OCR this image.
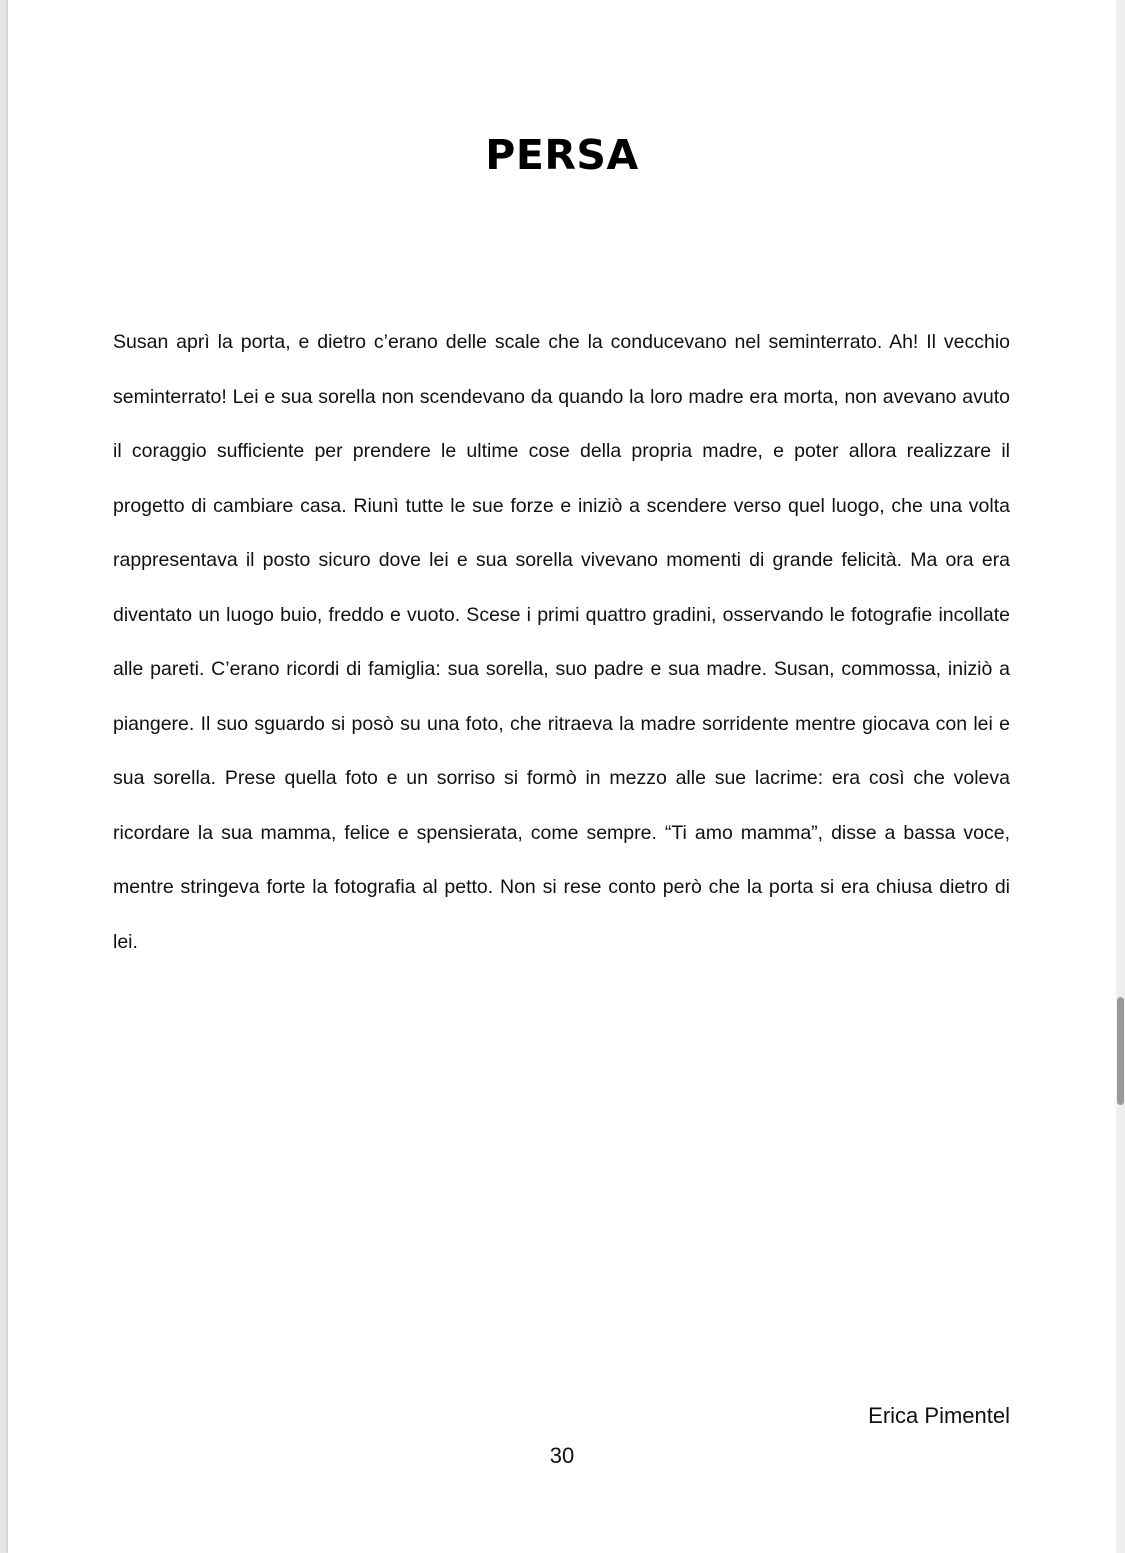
PERSA

Susan aprì la porta, e dietro c’erano delle scale che la conducevano nel seminterrato. Ah! Il vecchio seminterrato! Lei e sua sorella non scendevano da quando la loro madre era morta, non avevano avuto il coraggio sufficiente per prendere le ultime cose della propria madre, e poter allora realizzare il progetto di cambiare casa. Riunì tutte le sue forze e iniziò a scendere verso quel luogo, che una volta rappresentava il posto sicuro dove lei e sua sorella vivevano momenti di grande felicità. Ma ora era diventato un luogo buio, freddo e vuoto. Scese i primi quattro gradini, osservando le fotografie incollate alle pareti. C’erano ricordi di famiglia: sua sorella, suo padre e sua madre. Susan, commossa, iniziò a piangere. Il suo sguardo si posò su una foto, che ritraeva la madre sorridente mentre giocava con lei e sua sorella. Prese quella foto e un sorriso si formò in mezzo alle sue lacrime: era così che voleva ricordare la sua mamma, felice e spensierata, come sempre. “Ti amo mamma”, disse a bassa voce, mentre stringeva forte la fotografia al petto. Non si rese conto però che la porta si era chiusa dietro di lei.

Erica Pimentel

30
